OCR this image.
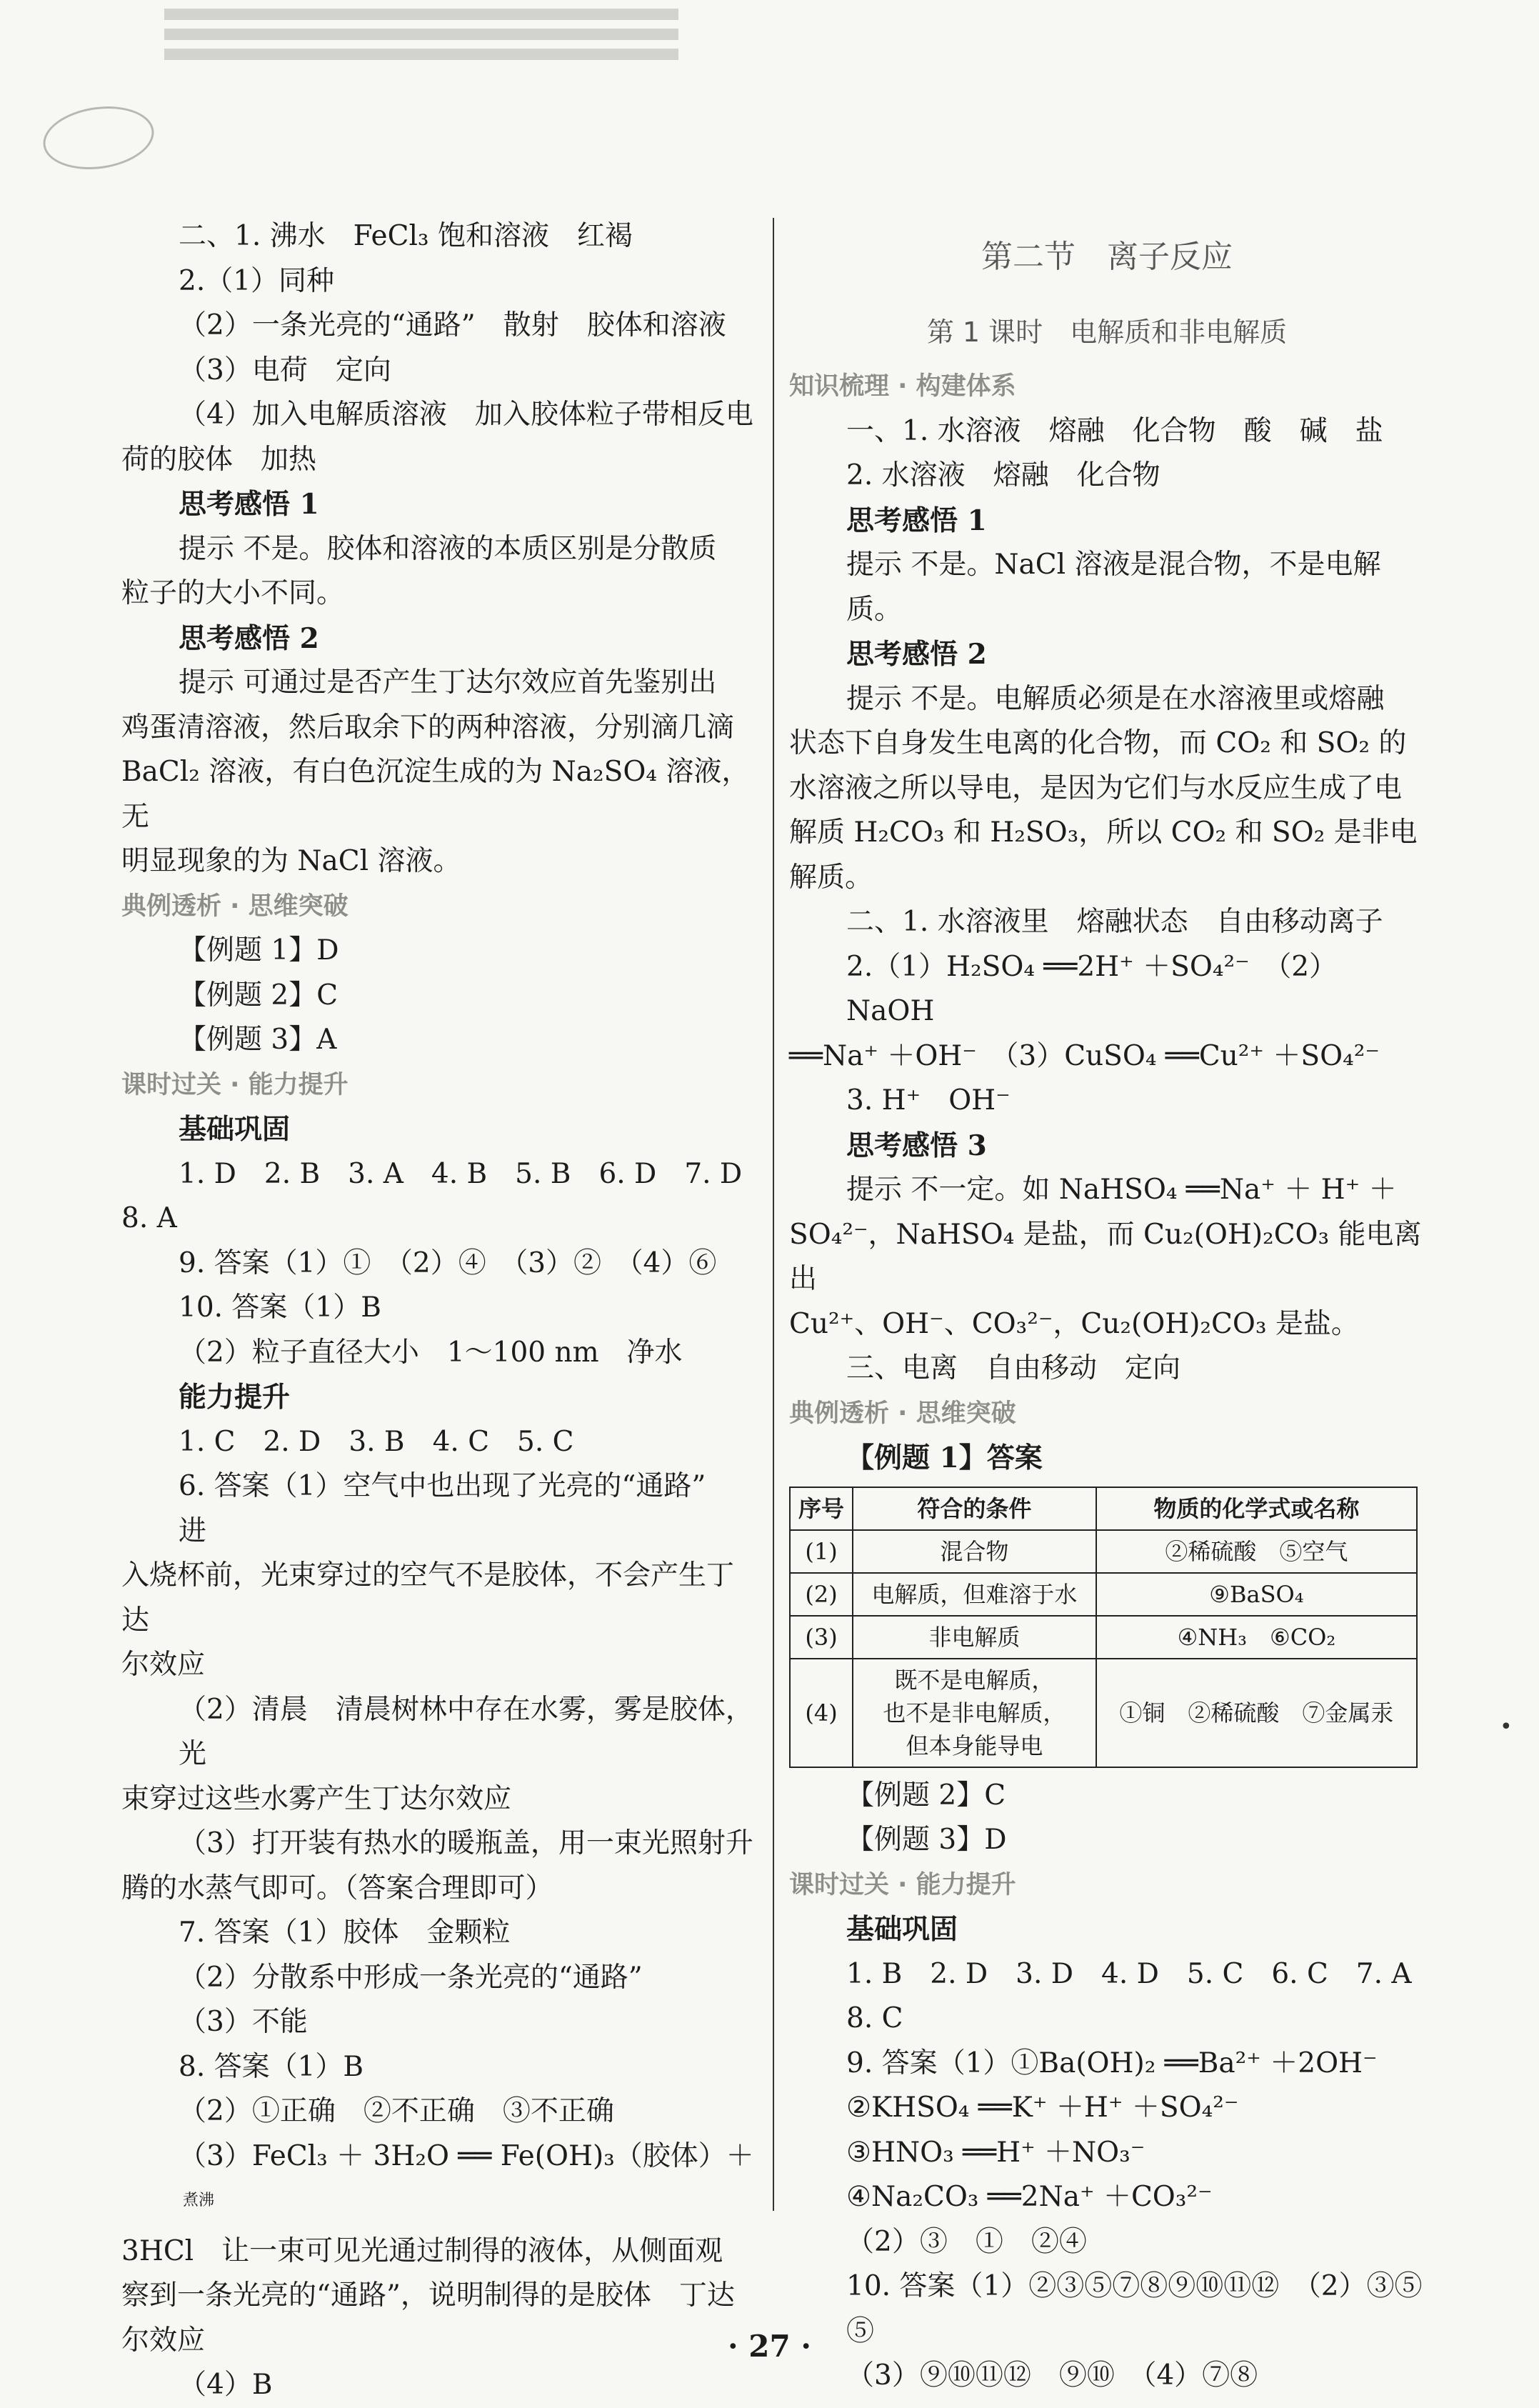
二、1. 沸水　FeCl₃ 饱和溶液　红褐

2.（1）同种

（2）一条光亮的“通路”　散射　胶体和溶液

（3）电荷　定向

（4）加入电解质溶液　加入胶体粒子带相反电

荷的胶体　加热

思考感悟 1

提示 不是。胶体和溶液的本质区别是分散质

粒子的大小不同。

思考感悟 2

提示 可通过是否产生丁达尔效应首先鉴别出

鸡蛋清溶液，然后取余下的两种溶液，分别滴几滴

BaCl₂ 溶液，有白色沉淀生成的为 Na₂SO₄ 溶液，无

明显现象的为 NaCl 溶液。

典例透析 · 思维突破

【例题 1】D

【例题 2】C

【例题 3】A

课时过关 · 能力提升

基础巩固

1. D　2. B　3. A　4. B　5. B　6. D　7. D

8. A

9. 答案（1）①　（2）④　（3）②　（4）⑥

10. 答案（1）B

（2）粒子直径大小　1～100 nm　净水

能力提升

1. C　2. D　3. B　4. C　5. C

6. 答案（1）空气中也出现了光亮的“通路”　进

入烧杯前，光束穿过的空气不是胶体，不会产生丁达

尔效应

（2）清晨　清晨树林中存在水雾，雾是胶体，光

束穿过这些水雾产生丁达尔效应

（3）打开装有热水的暖瓶盖，用一束光照射升

腾的水蒸气即可。（答案合理即可）

7. 答案（1）胶体　金颗粒

（2）分散系中形成一条光亮的“通路”

（3）不能

8. 答案（1）B

（2）①正确　②不正确　③不正确

（3）FeCl₃ ＋ 3H₂O ══ Fe(OH)₃（胶体）＋$^{煮沸}$

3HCl　让一束可见光通过制得的液体，从侧面观

察到一条光亮的“通路”，说明制得的是胶体　丁达

尔效应

（4）B

第二节　离子反应
第 1 课时　电解质和非电解质

知识梳理 · 构建体系

一、1. 水溶液　熔融　化合物　酸　碱　盐

2. 水溶液　熔融　化合物

思考感悟 1

提示 不是。NaCl 溶液是混合物，不是电解质。

思考感悟 2

提示 不是。电解质必须是在水溶液里或熔融

状态下自身发生电离的化合物，而 CO₂ 和 SO₂ 的

水溶液之所以导电，是因为它们与水反应生成了电

解质 H₂CO₃ 和 H₂SO₃，所以 CO₂ 和 SO₂ 是非电

解质。

二、1. 水溶液里　熔融状态　自由移动离子

2.（1）H₂SO₄ ══2H⁺ ＋SO₄²⁻　（2）NaOH

══Na⁺ ＋OH⁻　（3）CuSO₄ ══Cu²⁺ ＋SO₄²⁻

3. H⁺　OH⁻

思考感悟 3

提示 不一定。如 NaHSO₄ ══Na⁺ ＋ H⁺ ＋

SO₄²⁻，NaHSO₄ 是盐，而 Cu₂(OH)₂CO₃ 能电离出

Cu²⁺、OH⁻、CO₃²⁻，Cu₂(OH)₂CO₃ 是盐。

三、电离　自由移动　定向

典例透析 · 思维突破

【例题 1】答案

序号	符合的条件	物质的化学式或名称
(1)	混合物	②稀硫酸　⑤空气
(2)	电解质，但难溶于水	⑨BaSO₄
(3)	非电解质	④NH₃　⑥CO₂
(4)	既不是电解质，
也不是非电解质，
但本身能导电	①铜　②稀硫酸　⑦金属汞

【例题 2】C

【例题 3】D

课时过关 · 能力提升

基础巩固

1. B　2. D　3. D　4. D　5. C　6. C　7. A　8. C

9. 答案（1）①Ba(OH)₂ ══Ba²⁺ ＋2OH⁻

②KHSO₄ ══K⁺ ＋H⁺ ＋SO₄²⁻

③HNO₃ ══H⁺ ＋NO₃⁻

④Na₂CO₃ ══2Na⁺ ＋CO₃²⁻

（2）③　①　②④

10. 答案（1）②③⑤⑦⑧⑨⑩⑪⑫　（2）③⑤　⑤

（3）⑨⑩⑪⑫　⑨⑩　（4）⑦⑧

•
· 27 ·
